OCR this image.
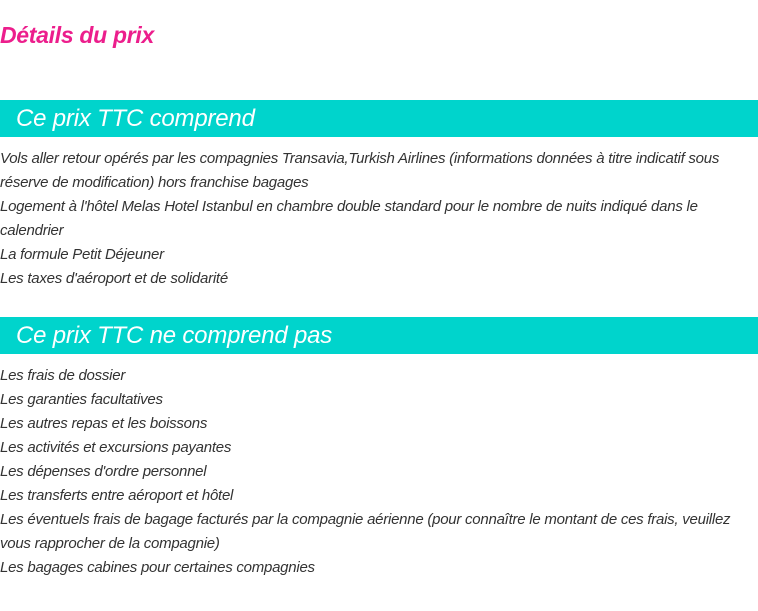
Détails du prix
Ce prix TTC comprend
Vols aller retour opérés par les compagnies Transavia,Turkish Airlines (informations données à titre indicatif sous réserve de modification) hors franchise bagages
Logement à l'hôtel Melas Hotel Istanbul en chambre double standard pour le nombre de nuits indiqué dans le calendrier
La formule Petit Déjeuner
Les taxes d'aéroport et de solidarité
Ce prix TTC ne comprend pas
Les frais de dossier
Les garanties facultatives
Les autres repas et les boissons
Les activités et excursions payantes
Les dépenses d'ordre personnel
Les transferts entre aéroport et hôtel
Les éventuels frais de bagage facturés par la compagnie aérienne (pour connaître le montant de ces frais, veuillez vous rapprocher de la compagnie)
Les bagages cabines pour certaines compagnies
